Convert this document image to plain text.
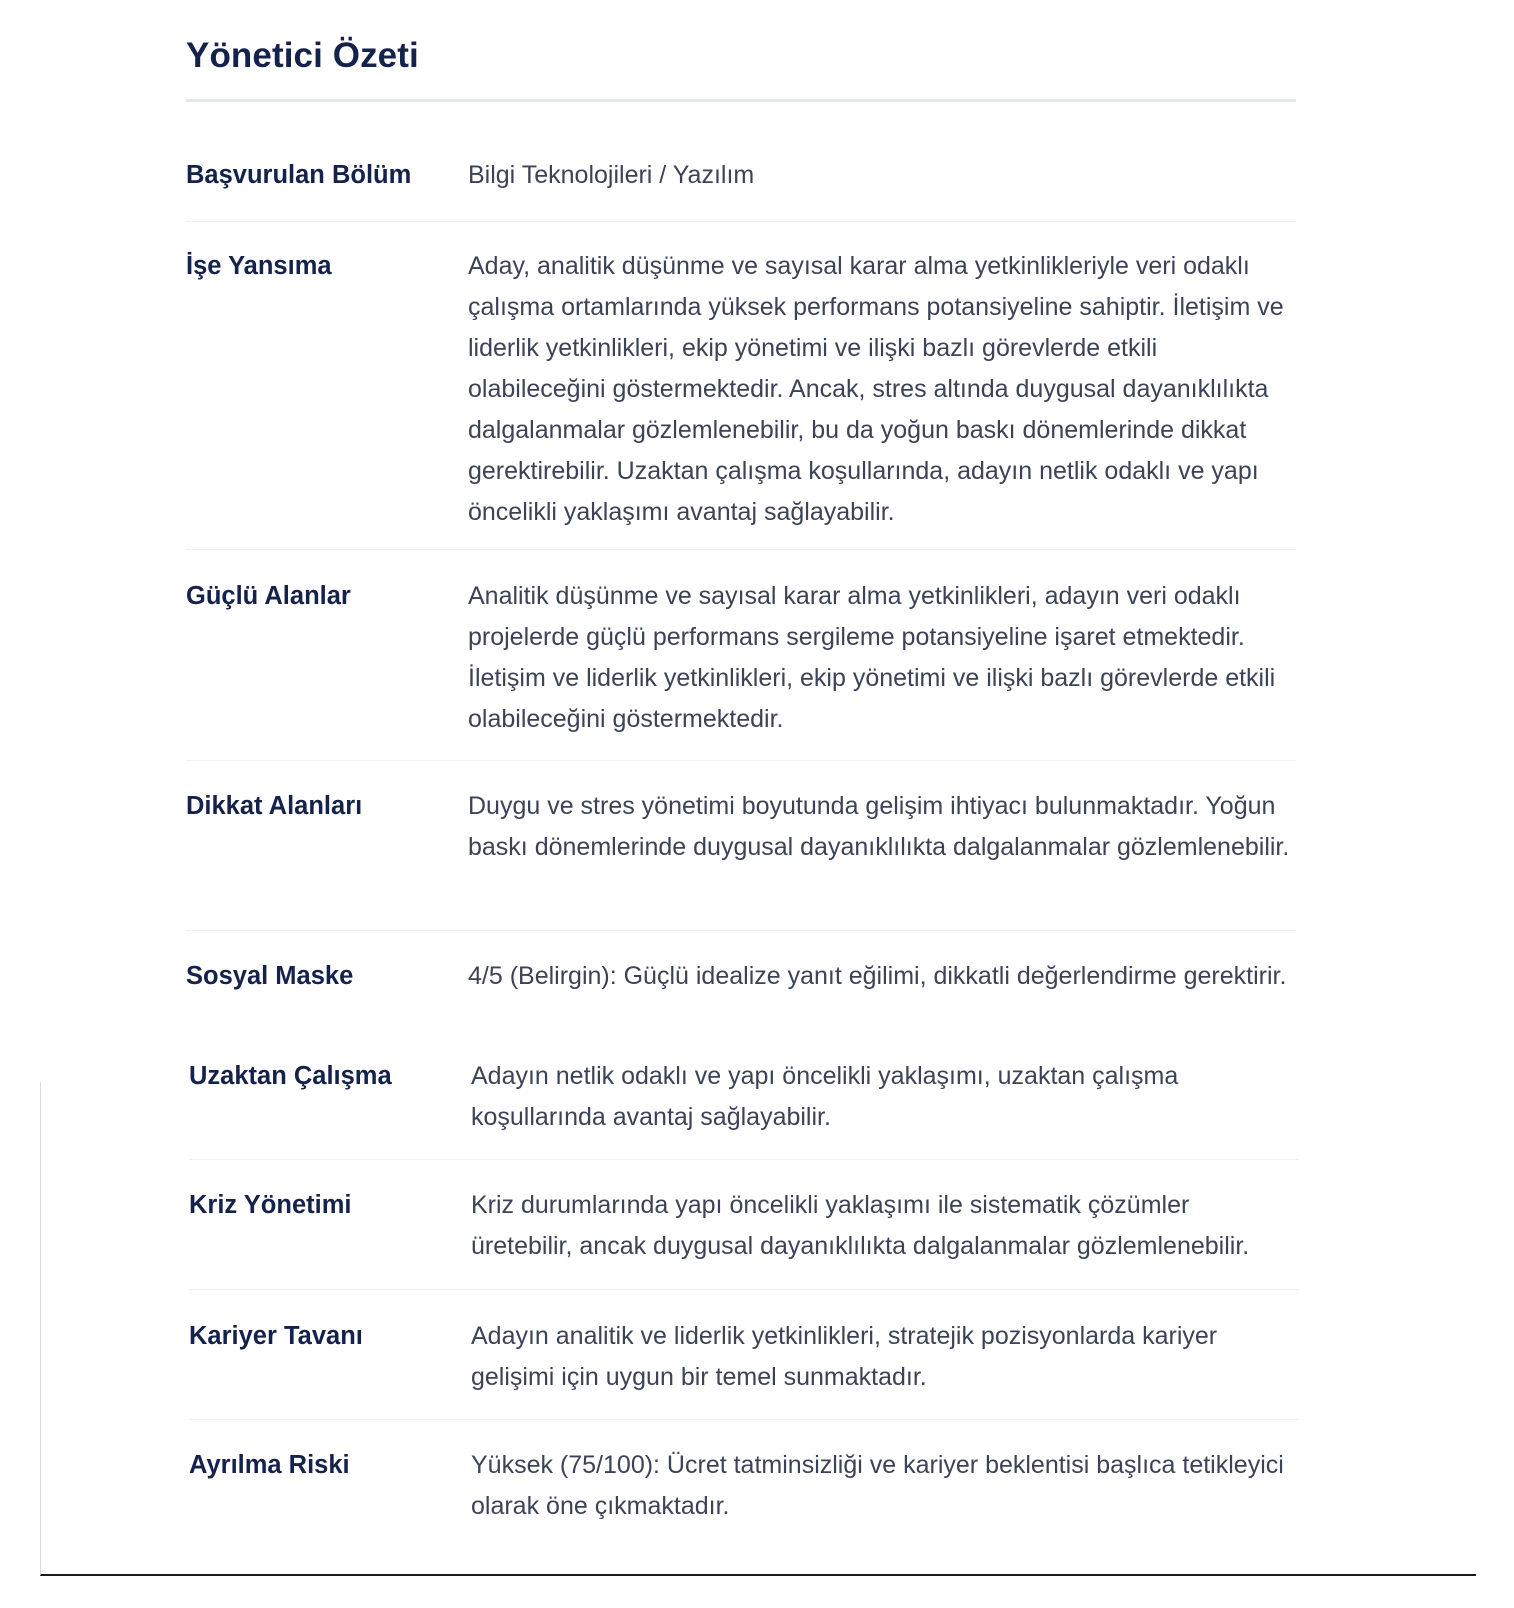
Yönetici Özeti
Başvurulan Bölüm	Bilgi Teknolojileri / Yazılım
İşe Yansıma	Aday, analitik düşünme ve sayısal karar alma yetkinlikleriyle veri odaklı çalışma ortamlarında yüksek performans potansiyeline sahiptir. İletişim ve liderlik yetkinlikleri, ekip yönetimi ve ilişki bazlı görevlerde etkili olabileceğini göstermektedir. Ancak, stres altında duygusal dayanıklılıkta dalgalanmalar gözlemlenebilir, bu da yoğun baskı dönemlerinde dikkat gerektirebilir. Uzaktan çalışma koşullarında, adayın netlik odaklı ve yapı öncelikli yaklaşımı avantaj sağlayabilir.
Güçlü Alanlar	Analitik düşünme ve sayısal karar alma yetkinlikleri, adayın veri odaklı projelerde güçlü performans sergileme potansiyeline işaret etmektedir. İletişim ve liderlik yetkinlikleri, ekip yönetimi ve ilişki bazlı görevlerde etkili olabileceğini göstermektedir.
Dikkat Alanları	Duygu ve stres yönetimi boyutunda gelişim ihtiyacı bulunmaktadır. Yoğun baskı dönemlerinde duygusal dayanıklılıkta dalgalanmalar gözlemlenebilir.
Sosyal Maske	4/5 (Belirgin): Güçlü idealize yanıt eğilimi, dikkatli değerlendirme gerektirir.
Uzaktan Çalışma	Adayın netlik odaklı ve yapı öncelikli yaklaşımı, uzaktan çalışma koşullarında avantaj sağlayabilir.
Kriz Yönetimi	Kriz durumlarında yapı öncelikli yaklaşımı ile sistematik çözümler üretebilir, ancak duygusal dayanıklılıkta dalgalanmalar gözlemlenebilir.
Kariyer Tavanı	Adayın analitik ve liderlik yetkinlikleri, stratejik pozisyonlarda kariyer gelişimi için uygun bir temel sunmaktadır.
Ayrılma Riski	Yüksek (75/100): Ücret tatminsizliği ve kariyer beklentisi başlıca tetikleyici olarak öne çıkmaktadır.
